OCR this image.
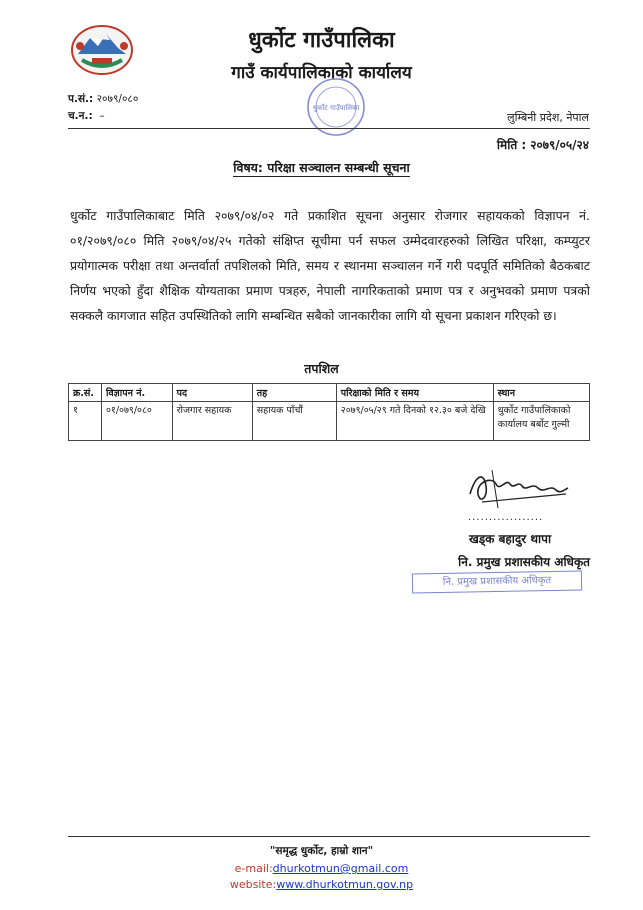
धुर्कोट गाउँपालिका
गाउँ कार्यपालिकाको कार्यालय
प.सं.: २०७९/०८०
च.न.: –
धुर्कोट गाउँपालिका
लुम्बिनी प्रदेश, नेपाल
मिति : २०७९/०५/२४
विषय: परिक्षा सञ्चालन सम्बन्धी सूचना
धुर्कोट गाउँपालिकाबाट मिति २०७९/०४/०२ गते प्रकाशित सूचना अनुसार रोजगार सहायकको विज्ञापन नं. ०१/२०७९/०८० मिति २०७९/०४/२५ गतेको संक्षिप्त सूचीमा पर्न सफल उम्मेदवारहरुको लिखित परिक्षा, कम्प्युटर प्रयोगात्मक परीक्षा तथा अन्तर्वार्ता तपशिलको मिति, समय र स्थानमा सञ्चालन गर्ने गरी पदपूर्ति समितिको बैठकबाट निर्णय भएको हुँदा शैक्षिक योग्यताका प्रमाण पत्रहरु, नेपाली नागरिकताको प्रमाण पत्र र अनुभवको प्रमाण पत्रको सक्कलै कागजात सहित उपस्थितिको लागि सम्बन्धित सबैको जानकारीका लागि यो सूचना प्रकाशन गरिएको छ।
तपशिल
क्र.सं.	विज्ञापन नं.	पद	तह	परिक्षाको मिति र समय	स्थान
१	०१/०७९/०८०	रोजगार सहायक	सहायक पाँचौं	२०७९/०५/२९ गते दिनको १२.३० बजे देखि	धुर्कोट गाउँपालिकाको कार्यालय बर्बोट गुल्मी
..................
खड्क बहादुर थापा
नि. प्रमुख प्रशासकीय अधिकृत
नि. प्रमुख प्रशासकीय अधिकृत
"समृद्ध धुर्कोट, हाम्रो शान"
e-mail:dhurkotmun@gmail.com
website:www.dhurkotmun.gov.np
